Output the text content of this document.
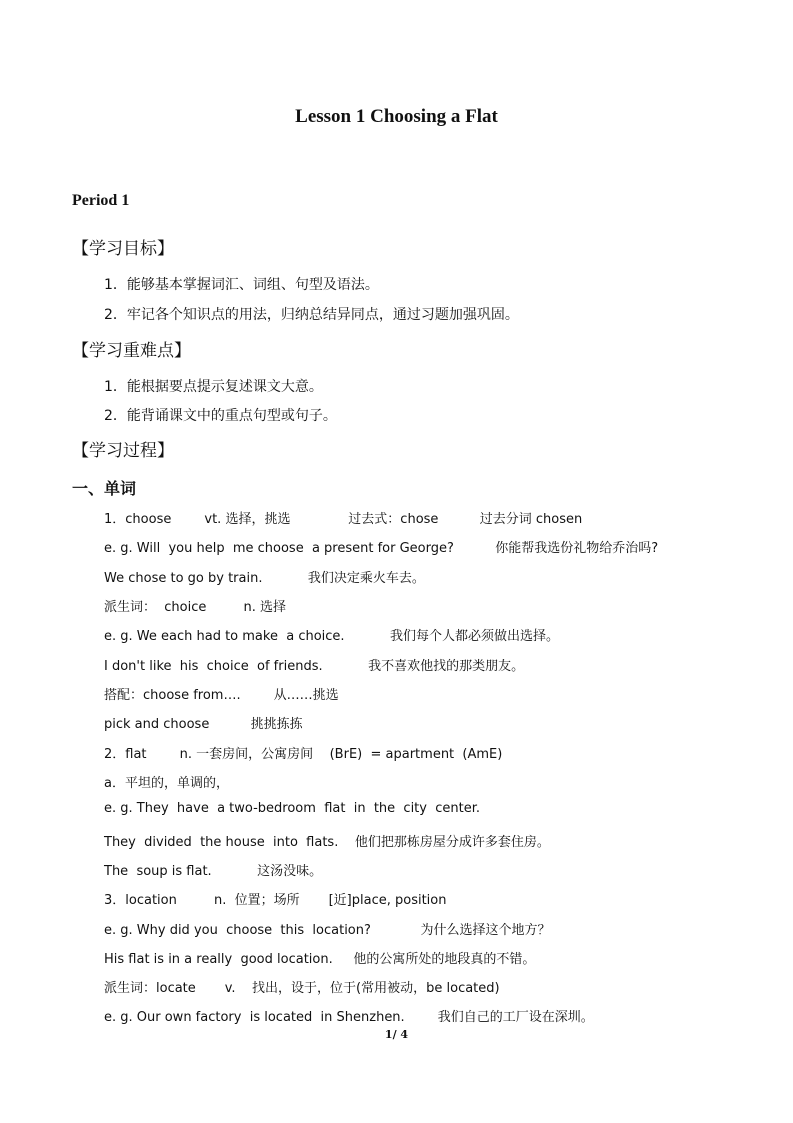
Lesson 1 Choosing a Flat
Period 1
【学习目标】
1．能够基本掌握词汇、词组、句型及语法。
2．牢记各个知识点的用法，归纳总结异同点，通过习题加强巩固。
【学习重难点】
1．能根据要点提示复述课文大意。
2．能背诵课文中的重点句型或句子。
【学习过程】
一、单词
1．choose        vt. 选择，挑选              过去式：chose          过去分词 chosen
e. g. Will  you help  me choose  a present for George?          你能帮我选份礼物给乔治吗?
We chose to go by train.           我们决定乘火车去。
派生词：  choice         n. 选择
e. g. We each had to make  a choice.           我们每个人都必须做出选择。
I don't like  his  choice  of friends.           我不喜欢他找的那类朋友。
搭配：choose from….        从……挑选
pick and choose          挑挑拣拣
2．flat        n. 一套房间，公寓房间    (BrE)  = apartment  (AmE)
a．平坦的，单调的，
e. g. They  have  a two-bedroom  flat  in  the  city  center.
They  divided  the house  into  flats.    他们把那栋房屋分成许多套住房。
The  soup is flat.           这汤没味。
3．location         n.  位置；场所       [近]place, position
e. g. Why did you  choose  this  location?            为什么选择这个地方？
His flat is in a really  good location.     他的公寓所处的地段真的不错。
派生词：locate       v.    找出，设于，位于(常用被动，be located)
e. g. Our own factory  is located  in Shenzhen.        我们自己的工厂设在深圳。
1/ 4
